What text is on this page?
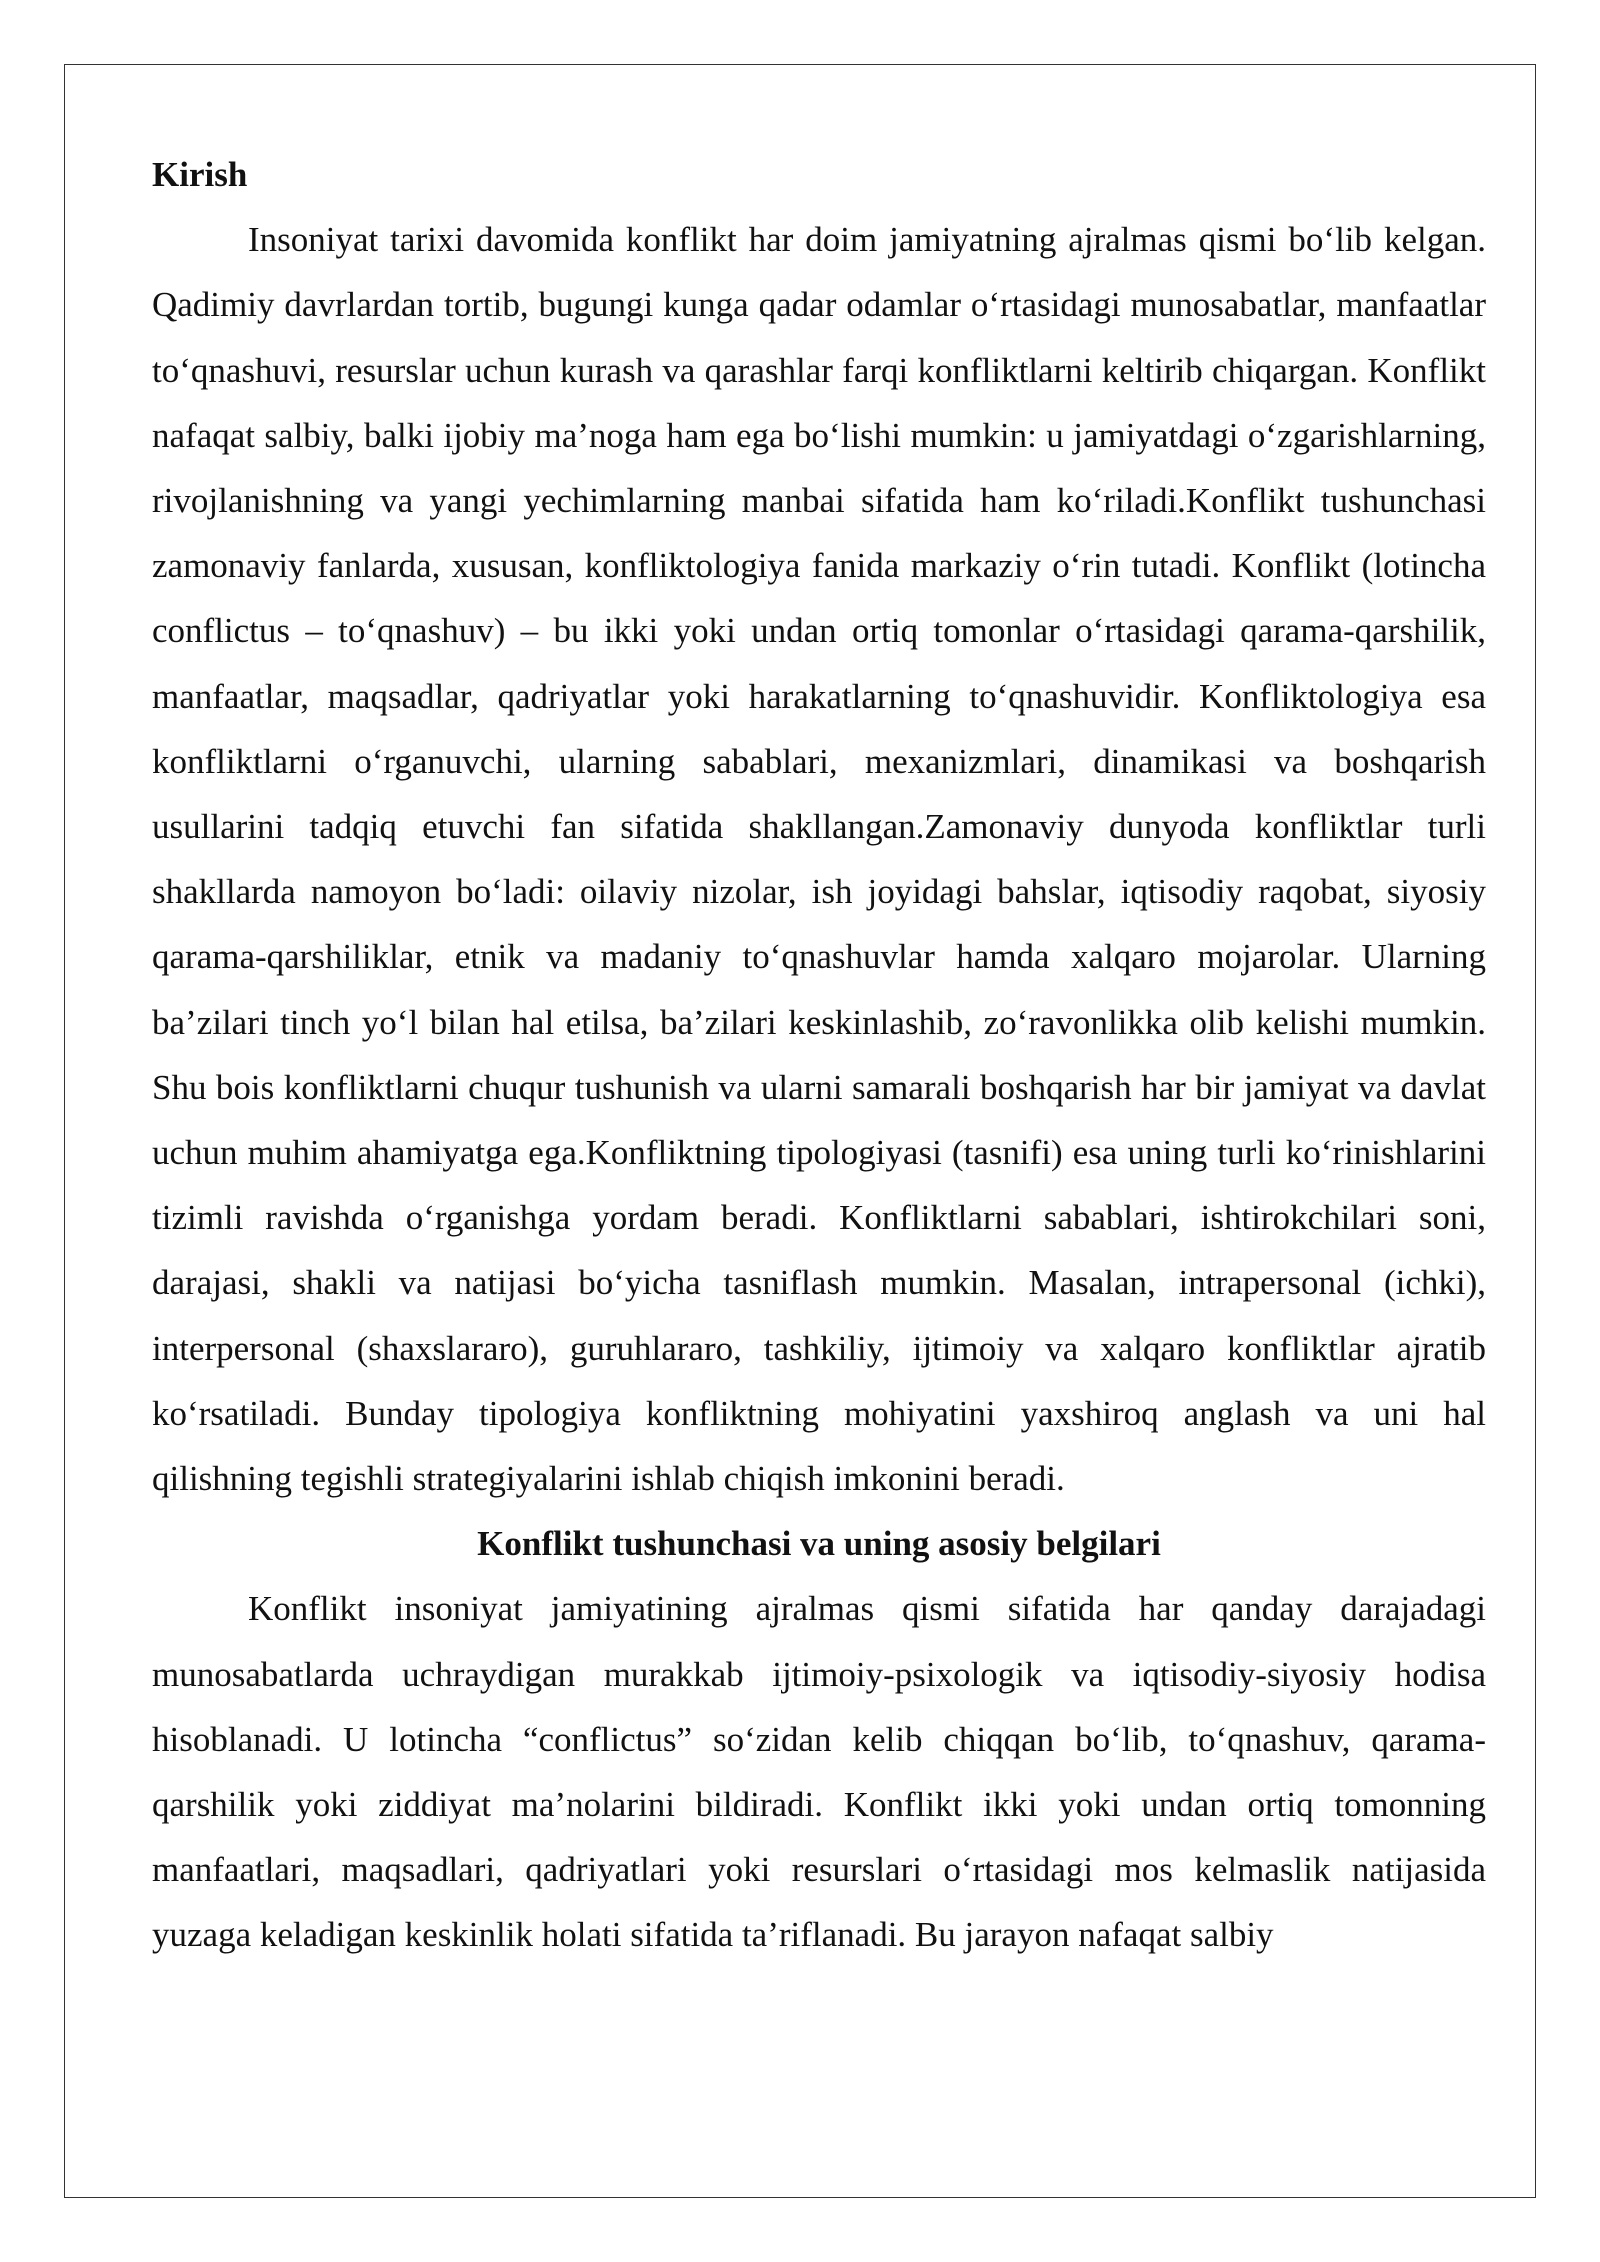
Kirish

Insoniyat tarixi davomida konflikt har doim jamiyatning ajralmas qismi bo‘lib kelgan. Qadimiy davrlardan tortib, bugungi kunga qadar odamlar o‘rtasidagi munosabatlar, manfaatlar to‘qnashuvi, resurslar uchun kurash va qarashlar farqi konfliktlarni keltirib chiqargan. Konflikt nafaqat salbiy, balki ijobiy ma’noga ham ega bo‘lishi mumkin: u jamiyatdagi o‘zgarishlarning, rivojlanishning va yangi yechimlarning manbai sifatida ham ko‘riladi.Konflikt tushunchasi zamonaviy fanlarda, xususan, konfliktologiya fanida markaziy o‘rin tutadi. Konflikt (lotincha conflictus – to‘qnashuv) – bu ikki yoki undan ortiq tomonlar o‘rtasidagi qarama-qarshilik, manfaatlar, maqsadlar, qadriyatlar yoki harakatlarning to‘qnashuvidir. Konfliktologiya esa konfliktlarni o‘rganuvchi, ularning sabablari, mexanizmlari, dinamikasi va boshqarish usullarini tadqiq etuvchi fan sifatida shakllangan.Zamonaviy dunyoda konfliktlar turli shakllarda namoyon bo‘ladi: oilaviy nizolar, ish joyidagi bahslar, iqtisodiy raqobat, siyosiy qarama-qarshiliklar, etnik va madaniy to‘qnashuvlar hamda xalqaro mojarolar. Ularning ba’zilari tinch yo‘l bilan hal etilsa, ba’zilari keskinlashib, zo‘ravonlikka olib kelishi mumkin. Shu bois konfliktlarni chuqur tushunish va ularni samarali boshqarish har bir jamiyat va davlat uchun muhim ahamiyatga ega.Konfliktning tipologiyasi (tasnifi) esa uning turli ko‘rinishlarini tizimli ravishda o‘rganishga yordam beradi. Konfliktlarni sabablari, ishtirokchilari soni, darajasi, shakli va natijasi bo‘yicha tasniflash mumkin. Masalan, intrapersonal (ichki), interpersonal (shaxslararo), guruhlararo, tashkiliy, ijtimoiy va xalqaro konfliktlar ajratib ko‘rsatiladi. Bunday tipologiya konfliktning mohiyatini yaxshiroq anglash va uni hal qilishning tegishli strategiyalarini ishlab chiqish imkonini beradi.

Konflikt tushunchasi va uning asosiy belgilari

Konflikt insoniyat jamiyatining ajralmas qismi sifatida har qanday darajadagi munosabatlarda uchraydigan murakkab ijtimoiy-psixologik va iqtisodiy-siyosiy hodisa hisoblanadi. U lotincha “conflictus” so‘zidan kelib chiqqan bo‘lib, to‘qnashuv, qarama-qarshilik yoki ziddiyat ma’nolarini bildiradi. Konflikt ikki yoki undan ortiq tomonning manfaatlari, maqsadlari, qadriyatlari yoki resurslari o‘rtasidagi mos kelmaslik natijasida yuzaga keladigan keskinlik holati sifatida ta’riflanadi. Bu jarayon nafaqat salbiy
